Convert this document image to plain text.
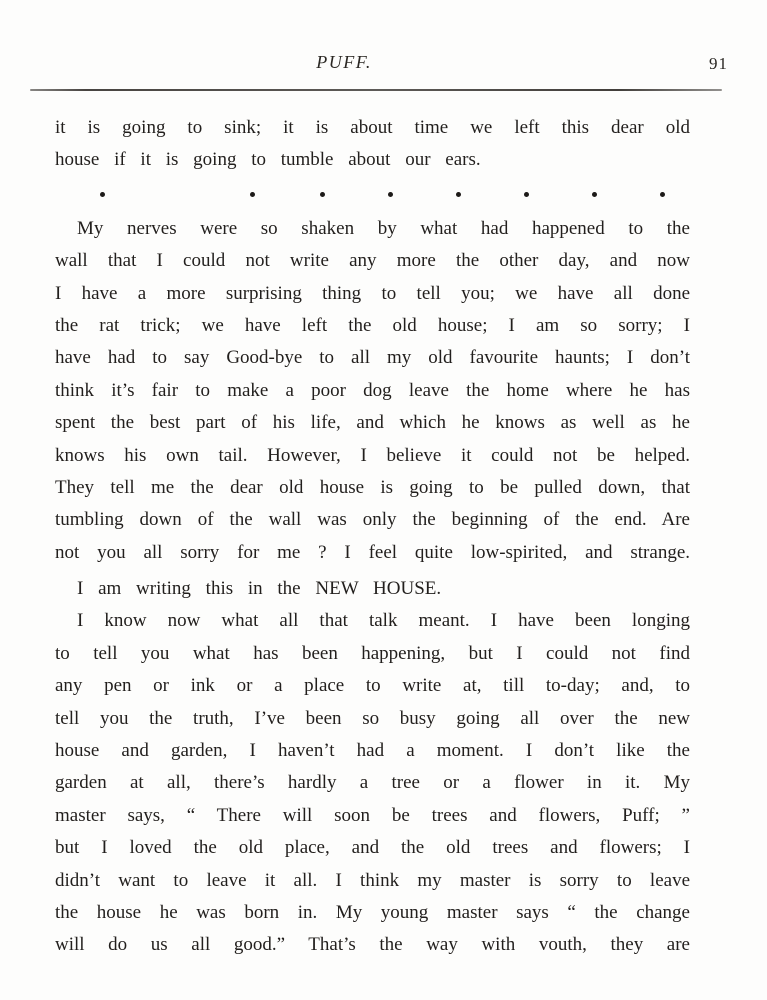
PUFF.	91
it is going to sink; it is about time we left this dear old
house if it is going to tumble about our ears.
My nerves were so shaken by what had happened to the
wall that I could not write any more the other day, and now
I have a more surprising thing to tell you; we have all done
the rat trick; we have left the old house; I am so sorry; I
have had to say Good-bye to all my old favourite haunts; I don’t
think it’s fair to make a poor dog leave the home where he has
spent the best part of his life, and which he knows as well as he
knows his own tail. However, I believe it could not be helped.
They tell me the dear old house is going to be pulled down, that
tumbling down of the wall was only the beginning of the end. Are
not you all sorry for me ? I feel quite low-spirited, and strange.
I am writing this in the NEW HOUSE.
I know now what all that talk meant. I have been longing
to tell you what has been happening, but I could not find
any pen or ink or a place to write at, till to-day; and, to
tell you the truth, I’ve been so busy going all over the new
house and garden, I haven’t had a moment. I don’t like the
garden at all, there’s hardly a tree or a flower in it. My
master says, “ There will soon be trees and flowers, Puff; ”
but I loved the old place, and the old trees and flowers; I
didn’t want to leave it all. I think my master is sorry to leave
the house he was born in. My young master says “ the change
will do us all good.” That’s the way with vouth, they are
